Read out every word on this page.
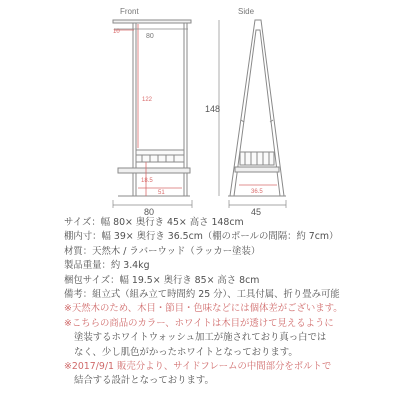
Front	Side
10
122
18.5
51
80
80
148
36.5
45
サイズ：幅 80× 奥行き 45× 高さ 148cm
棚内寸：幅 39× 奥行き 36.5cm（棚のポールの間隔：約 7cm）
材質：天然木 / ラバーウッド（ラッカー塗装）
製品重量：約 3.4kg
梱包サイズ：幅 19.5× 奥行き 85× 高さ 8cm
備考：組立式（組み立て時間約 25 分）、工具付属、折り畳み可能
※天然木のため、木目・節目・色味などには個体差がございます。
※こちらの商品のカラー、ホワイトは木目が透けて見えるように
塗装するホワイトウォッシュ加工が施されており真っ白では
なく、少し肌色がかったホワイトとなっております。
※2017/9/1 販売分より、サイドフレームの中間部分をボルトで
結合する設計となっております。
